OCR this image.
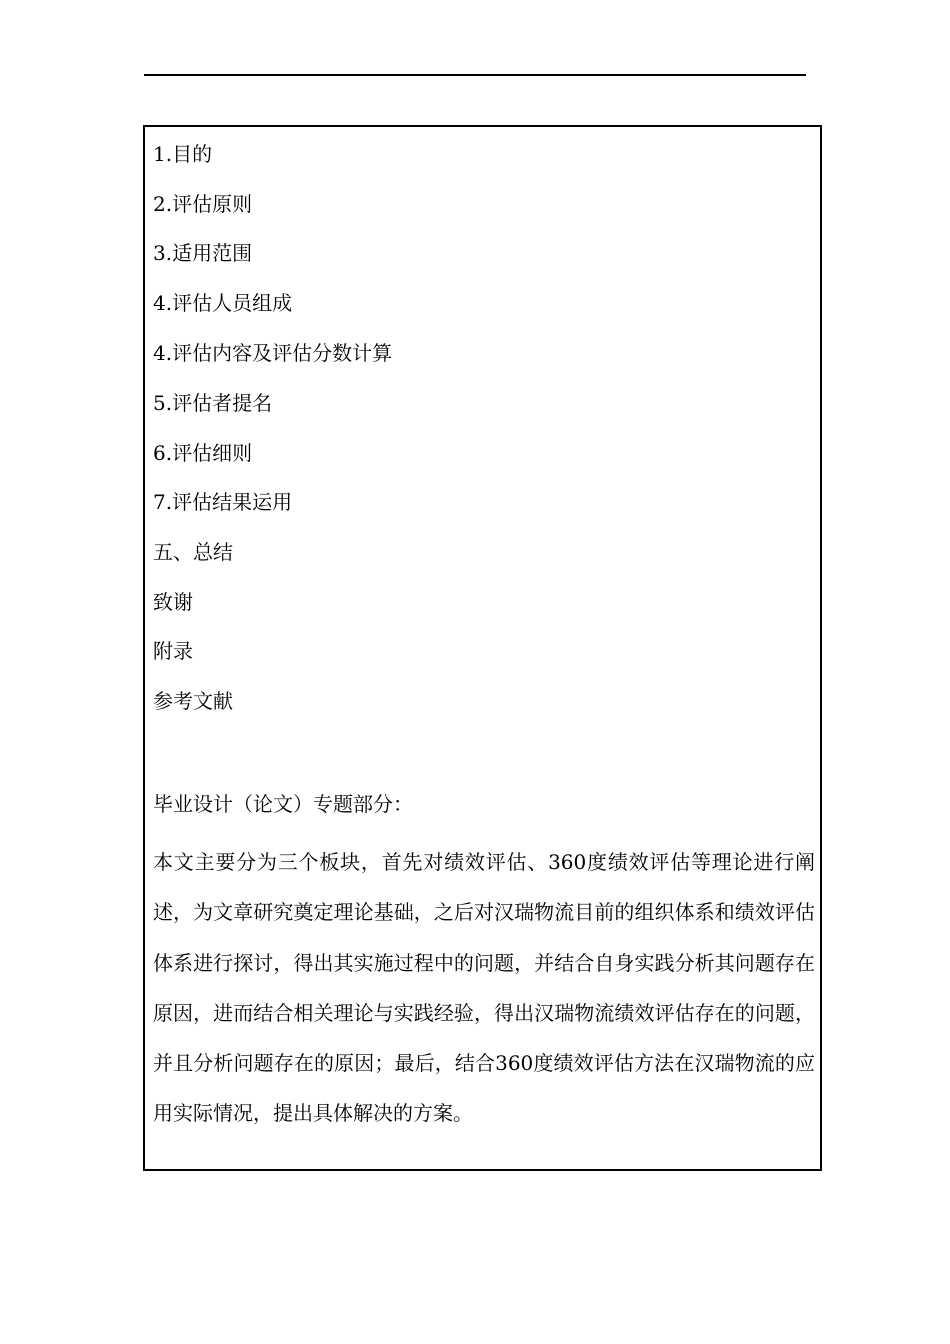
1.目的
2.评估原则
3.适用范围
4.评估人员组成
4.评估内容及评估分数计算
5.评估者提名
6.评估细则
7.评估结果运用
五、总结
致谢
附录
参考文献
毕业设计（论文）专题部分：
本文主要分为三个板块，首先对绩效评估、360度绩效评估等理论进行阐述，为文章研究奠定理论基础，之后对汉瑞物流目前的组织体系和绩效评估体系进行探讨，得出其实施过程中的问题，并结合自身实践分析其问题存在原因，进而结合相关理论与实践经验，得出汉瑞物流绩效评估存在的问题，并且分析问题存在的原因；最后，结合360度绩效评估方法在汉瑞物流的应用实际情况，提出具体解决的方案。
